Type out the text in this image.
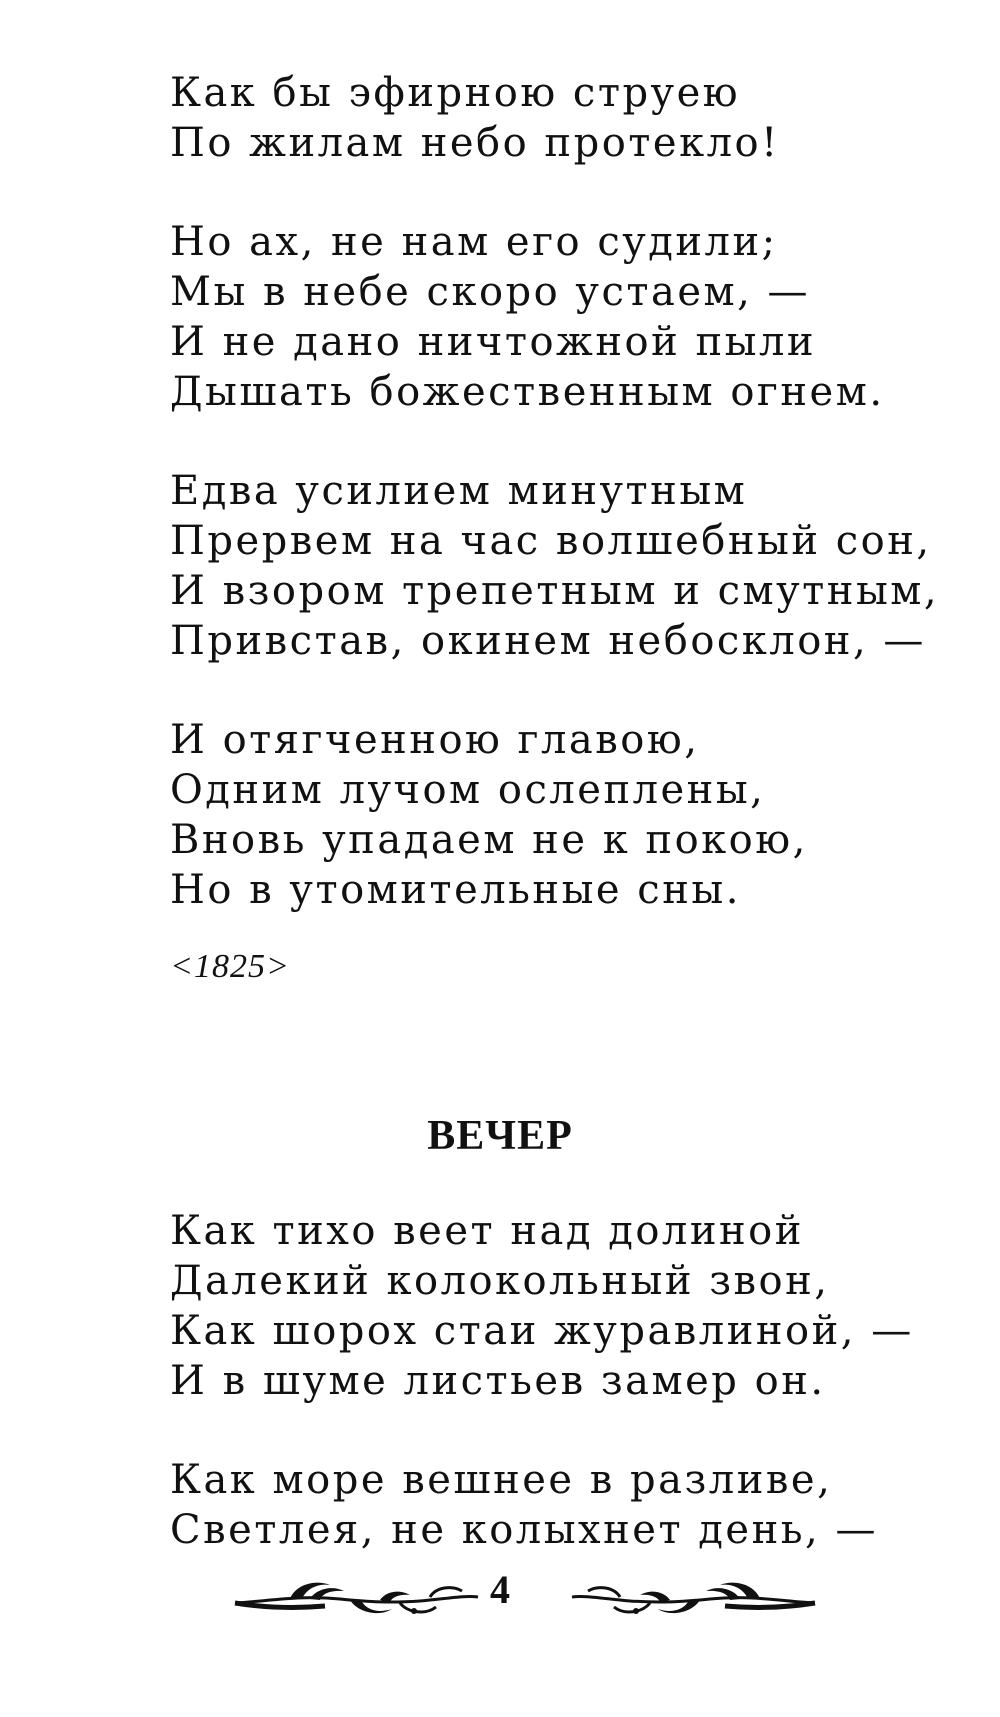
Как бы эфирною струею
По жилам небо протекло!
Но ах, не нам его судили;
Мы в небе скоро устаем, —
И не дано ничтожной пыли
Дышать божественным огнем.
Едва усилием минутным
Прервем на час волшебный сон,
И взором трепетным и смутным,
Привстав, окинем небосклон, —
И отягченною главою,
Одним лучом ослеплены,
Вновь упадаем не к покою,
Но в утомительные сны.
<1825>
ВЕЧЕР
Как тихо веет над долиной
Далекий колокольный звон,
Как шорох стаи журавлиной, —
И в шуме листьев замер он.
Как море вешнее в разливе,
Светлея, не колыхнет день, —
4
